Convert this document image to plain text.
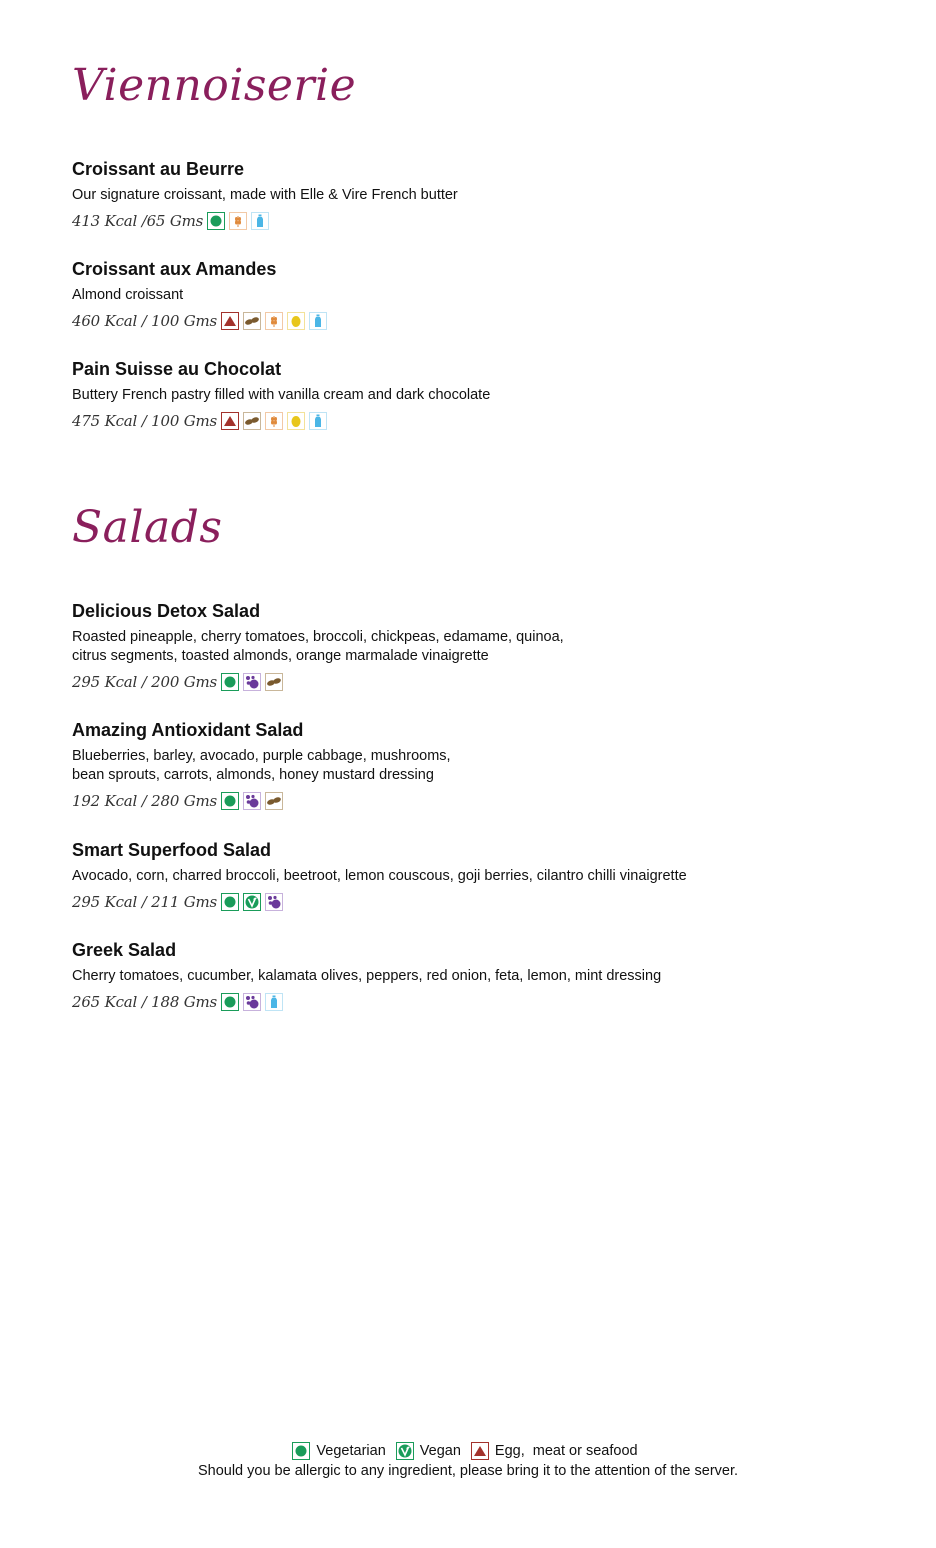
Viennoiserie

Croissant au Beurre

Our signature croissant, made with Elle & Vire French butter

413 Kcal /65 Gms

Croissant aux Amandes

Almond croissant

460 Kcal / 100 Gms

Pain Suisse au Chocolat

Buttery French pastry filled with vanilla cream and dark chocolate

475 Kcal / 100 Gms
Salads

Delicious Detox Salad

Roasted pineapple, cherry tomatoes, broccoli, chickpeas, edamame, quinoa,

citrus segments, toasted almonds, orange marmalade vinaigrette

295 Kcal / 200 Gms

Amazing Antioxidant Salad

Blueberries, barley, avocado, purple cabbage, mushrooms,

bean sprouts, carrots, almonds, honey mustard dressing

192 Kcal / 280 Gms

Smart Superfood Salad

Avocado, corn, charred broccoli, beetroot, lemon couscous, goji berries, cilantro chilli vinaigrette

295 Kcal / 211 Gms

Greek Salad

Cherry tomatoes, cucumber, kalamata olives, peppers, red onion, feta, lemon, mint dressing

265 Kcal / 188 Gms
Vegetarian Vegan Egg,  meat or seafood
Should you be allergic to any ingredient, please bring it to the attention of the server.
